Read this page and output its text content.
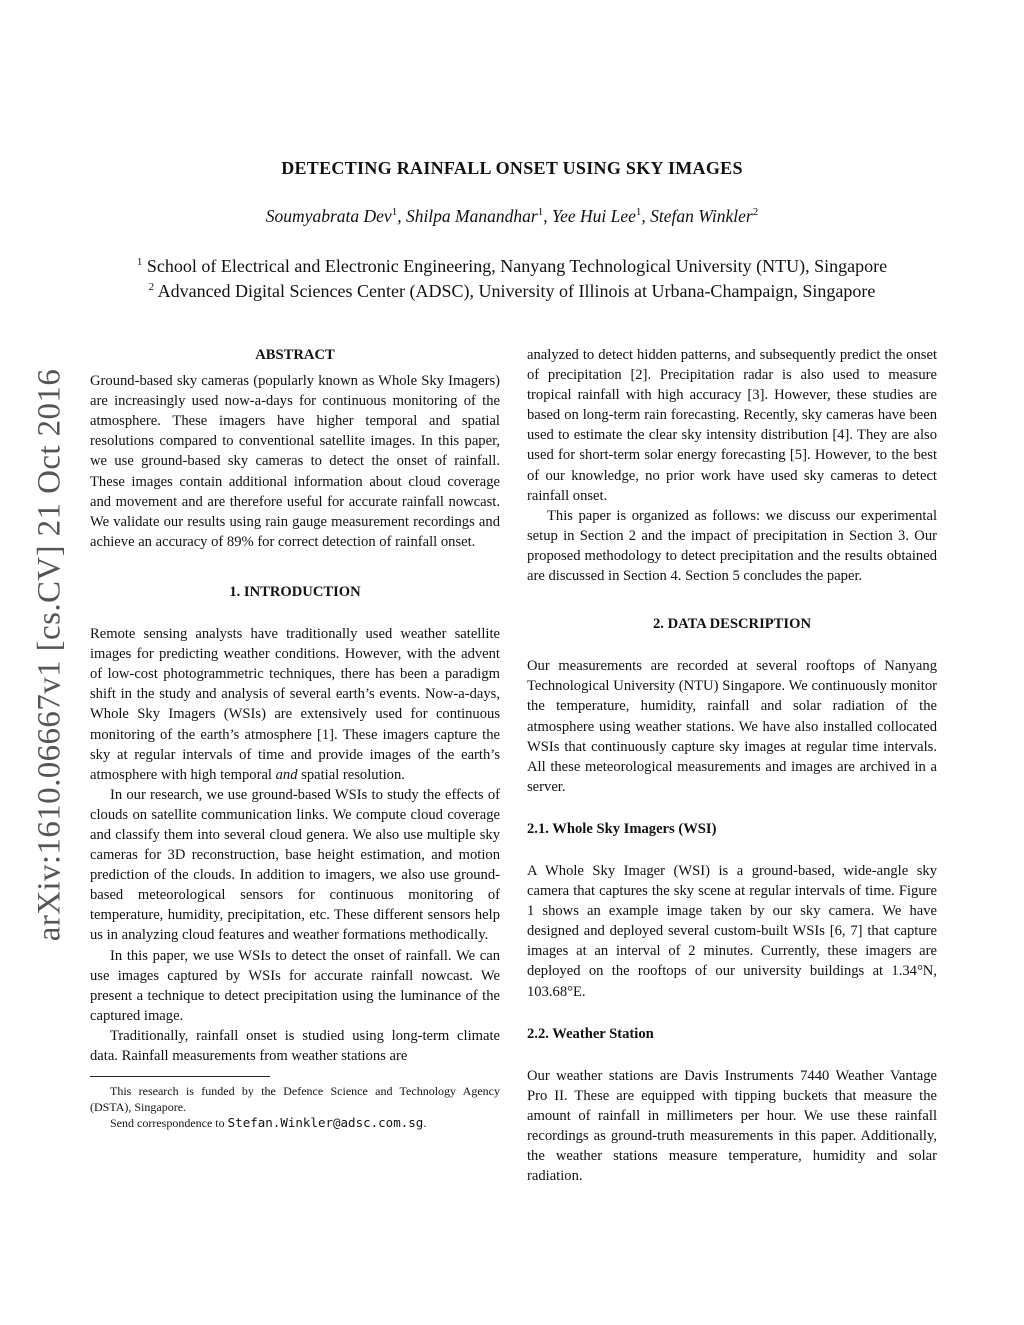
arXiv:1610.06667v1 [cs.CV] 21 Oct 2016
DETECTING RAINFALL ONSET USING SKY IMAGES
Soumyabrata Dev$^1$, Shilpa Manandhar$^1$, Yee Hui Lee$^1$, Stefan Winkler$^2$
$^1$ School of Electrical and Electronic Engineering, Nanyang Technological University (NTU), Singapore
$^2$ Advanced Digital Sciences Center (ADSC), University of Illinois at Urbana-Champaign, Singapore
ABSTRACT

Ground-based sky cameras (popularly known as Whole Sky Imagers) are increasingly used now-a-days for continuous monitoring of the atmosphere. These imagers have higher temporal and spatial resolutions compared to conventional satellite images. In this paper, we use ground-based sky cameras to detect the onset of rainfall. These images contain additional information about cloud coverage and movement and are therefore useful for accurate rainfall nowcast. We validate our results using rain gauge measurement recordings and achieve an accuracy of 89% for correct detection of rainfall onset.

1. INTRODUCTION

Remote sensing analysts have traditionally used weather satellite images for predicting weather conditions. However, with the advent of low-cost photogrammetric techniques, there has been a paradigm shift in the study and analysis of several earth’s events. Now-a-days, Whole Sky Imagers (WSIs) are extensively used for continuous monitoring of the earth’s atmosphere [1]. These imagers capture the sky at regular intervals of time and provide images of the earth’s atmosphere with high temporal and spatial resolution.

In our research, we use ground-based WSIs to study the effects of clouds on satellite communication links. We compute cloud coverage and classify them into several cloud genera. We also use multiple sky cameras for 3D reconstruction, base height estimation, and motion prediction of the clouds. In addition to imagers, we also use ground-based meteorological sensors for continuous monitoring of temperature, humidity, precipitation, etc. These different sensors help us in analyzing cloud features and weather formations methodically.

In this paper, we use WSIs to detect the onset of rainfall. We can use images captured by WSIs for accurate rainfall nowcast. We present a technique to detect precipitation using the luminance of the captured image.

Traditionally, rainfall onset is studied using long-term climate data. Rainfall measurements from weather stations are

This research is funded by the Defence Science and Technology Agency (DSTA), Singapore.

Send correspondence to Stefan.Winkler@adsc.com.sg.

analyzed to detect hidden patterns, and subsequently predict the onset of precipitation [2]. Precipitation radar is also used to measure tropical rainfall with high accuracy [3]. However, these studies are based on long-term rain forecasting. Recently, sky cameras have been used to estimate the clear sky intensity distribution [4]. They are also used for short-term solar energy forecasting [5]. However, to the best of our knowledge, no prior work have used sky cameras to detect rainfall onset.

This paper is organized as follows: we discuss our experimental setup in Section 2 and the impact of precipitation in Section 3. Our proposed methodology to detect precipitation and the results obtained are discussed in Section 4. Section 5 concludes the paper.

2. DATA DESCRIPTION

Our measurements are recorded at several rooftops of Nanyang Technological University (NTU) Singapore. We continuously monitor the temperature, humidity, rainfall and solar radiation of the atmosphere using weather stations. We have also installed collocated WSIs that continuously capture sky images at regular time intervals. All these meteorological measurements and images are archived in a server.

2.1. Whole Sky Imagers (WSI)

A Whole Sky Imager (WSI) is a ground-based, wide-angle sky camera that captures the sky scene at regular intervals of time. Figure 1 shows an example image taken by our sky camera. We have designed and deployed several custom-built WSIs [6, 7] that capture images at an interval of 2 minutes. Currently, these imagers are deployed on the rooftops of our university buildings at 1.34°N, 103.68°E.

2.2. Weather Station

Our weather stations are Davis Instruments 7440 Weather Vantage Pro II. These are equipped with tipping buckets that measure the amount of rainfall in millimeters per hour. We use these rainfall recordings as ground-truth measurements in this paper. Additionally, the weather stations measure temperature, humidity and solar radiation.
